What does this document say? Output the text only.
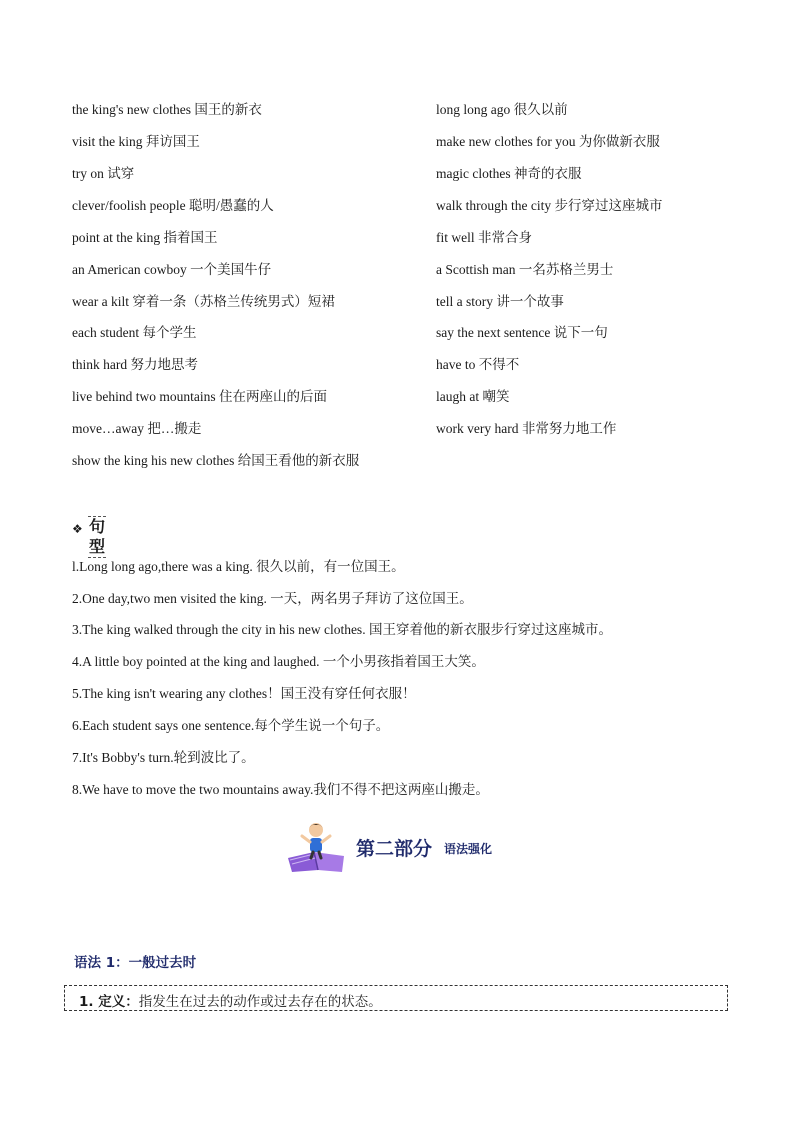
the king's new clothes 国王的新衣
visit the king 拜访国王
try on 试穿
clever/foolish people 聪明/愚蠢的人
point at the king 指着国王
an American cowboy 一个美国牛仔
wear a kilt 穿着一条（苏格兰传统男式）短裙
each student 每个学生
think hard 努力地思考
live behind two mountains 住在两座山的后面
move…away 把…搬走
show the king his new clothes 给国王看他的新衣服
long long ago 很久以前
make new clothes for you 为你做新衣服
magic clothes 神奇的衣服
walk through the city 步行穿过这座城市
fit well 非常合身
a Scottish man 一名苏格兰男士
tell a story 讲一个故事
say the next sentence 说下一句
have to 不得不
laugh at 嘲笑
work very hard 非常努力地工作
❖ 句型
l.Long long ago,there was a king. 很久以前，有一位国王。
2.One day,two men visited the king. 一天，两名男子拜访了这位国王。
3.The king walked through the city in his new clothes. 国王穿着他的新衣服步行穿过这座城市。
4.A little boy pointed at the king and laughed. 一个小男孩指着国王大笑。
5.The king isn't wearing any clothes！国王没有穿任何衣服！
6.Each student says one sentence.每个学生说一个句子。
7.It's Bobby's turn.轮到波比了。
8.We have to move the two mountains away.我们不得不把这两座山搬走。
第二部分 语法强化
语法 1：一般过去时
1. 定义：指发生在过去的动作或过去存在的状态。
